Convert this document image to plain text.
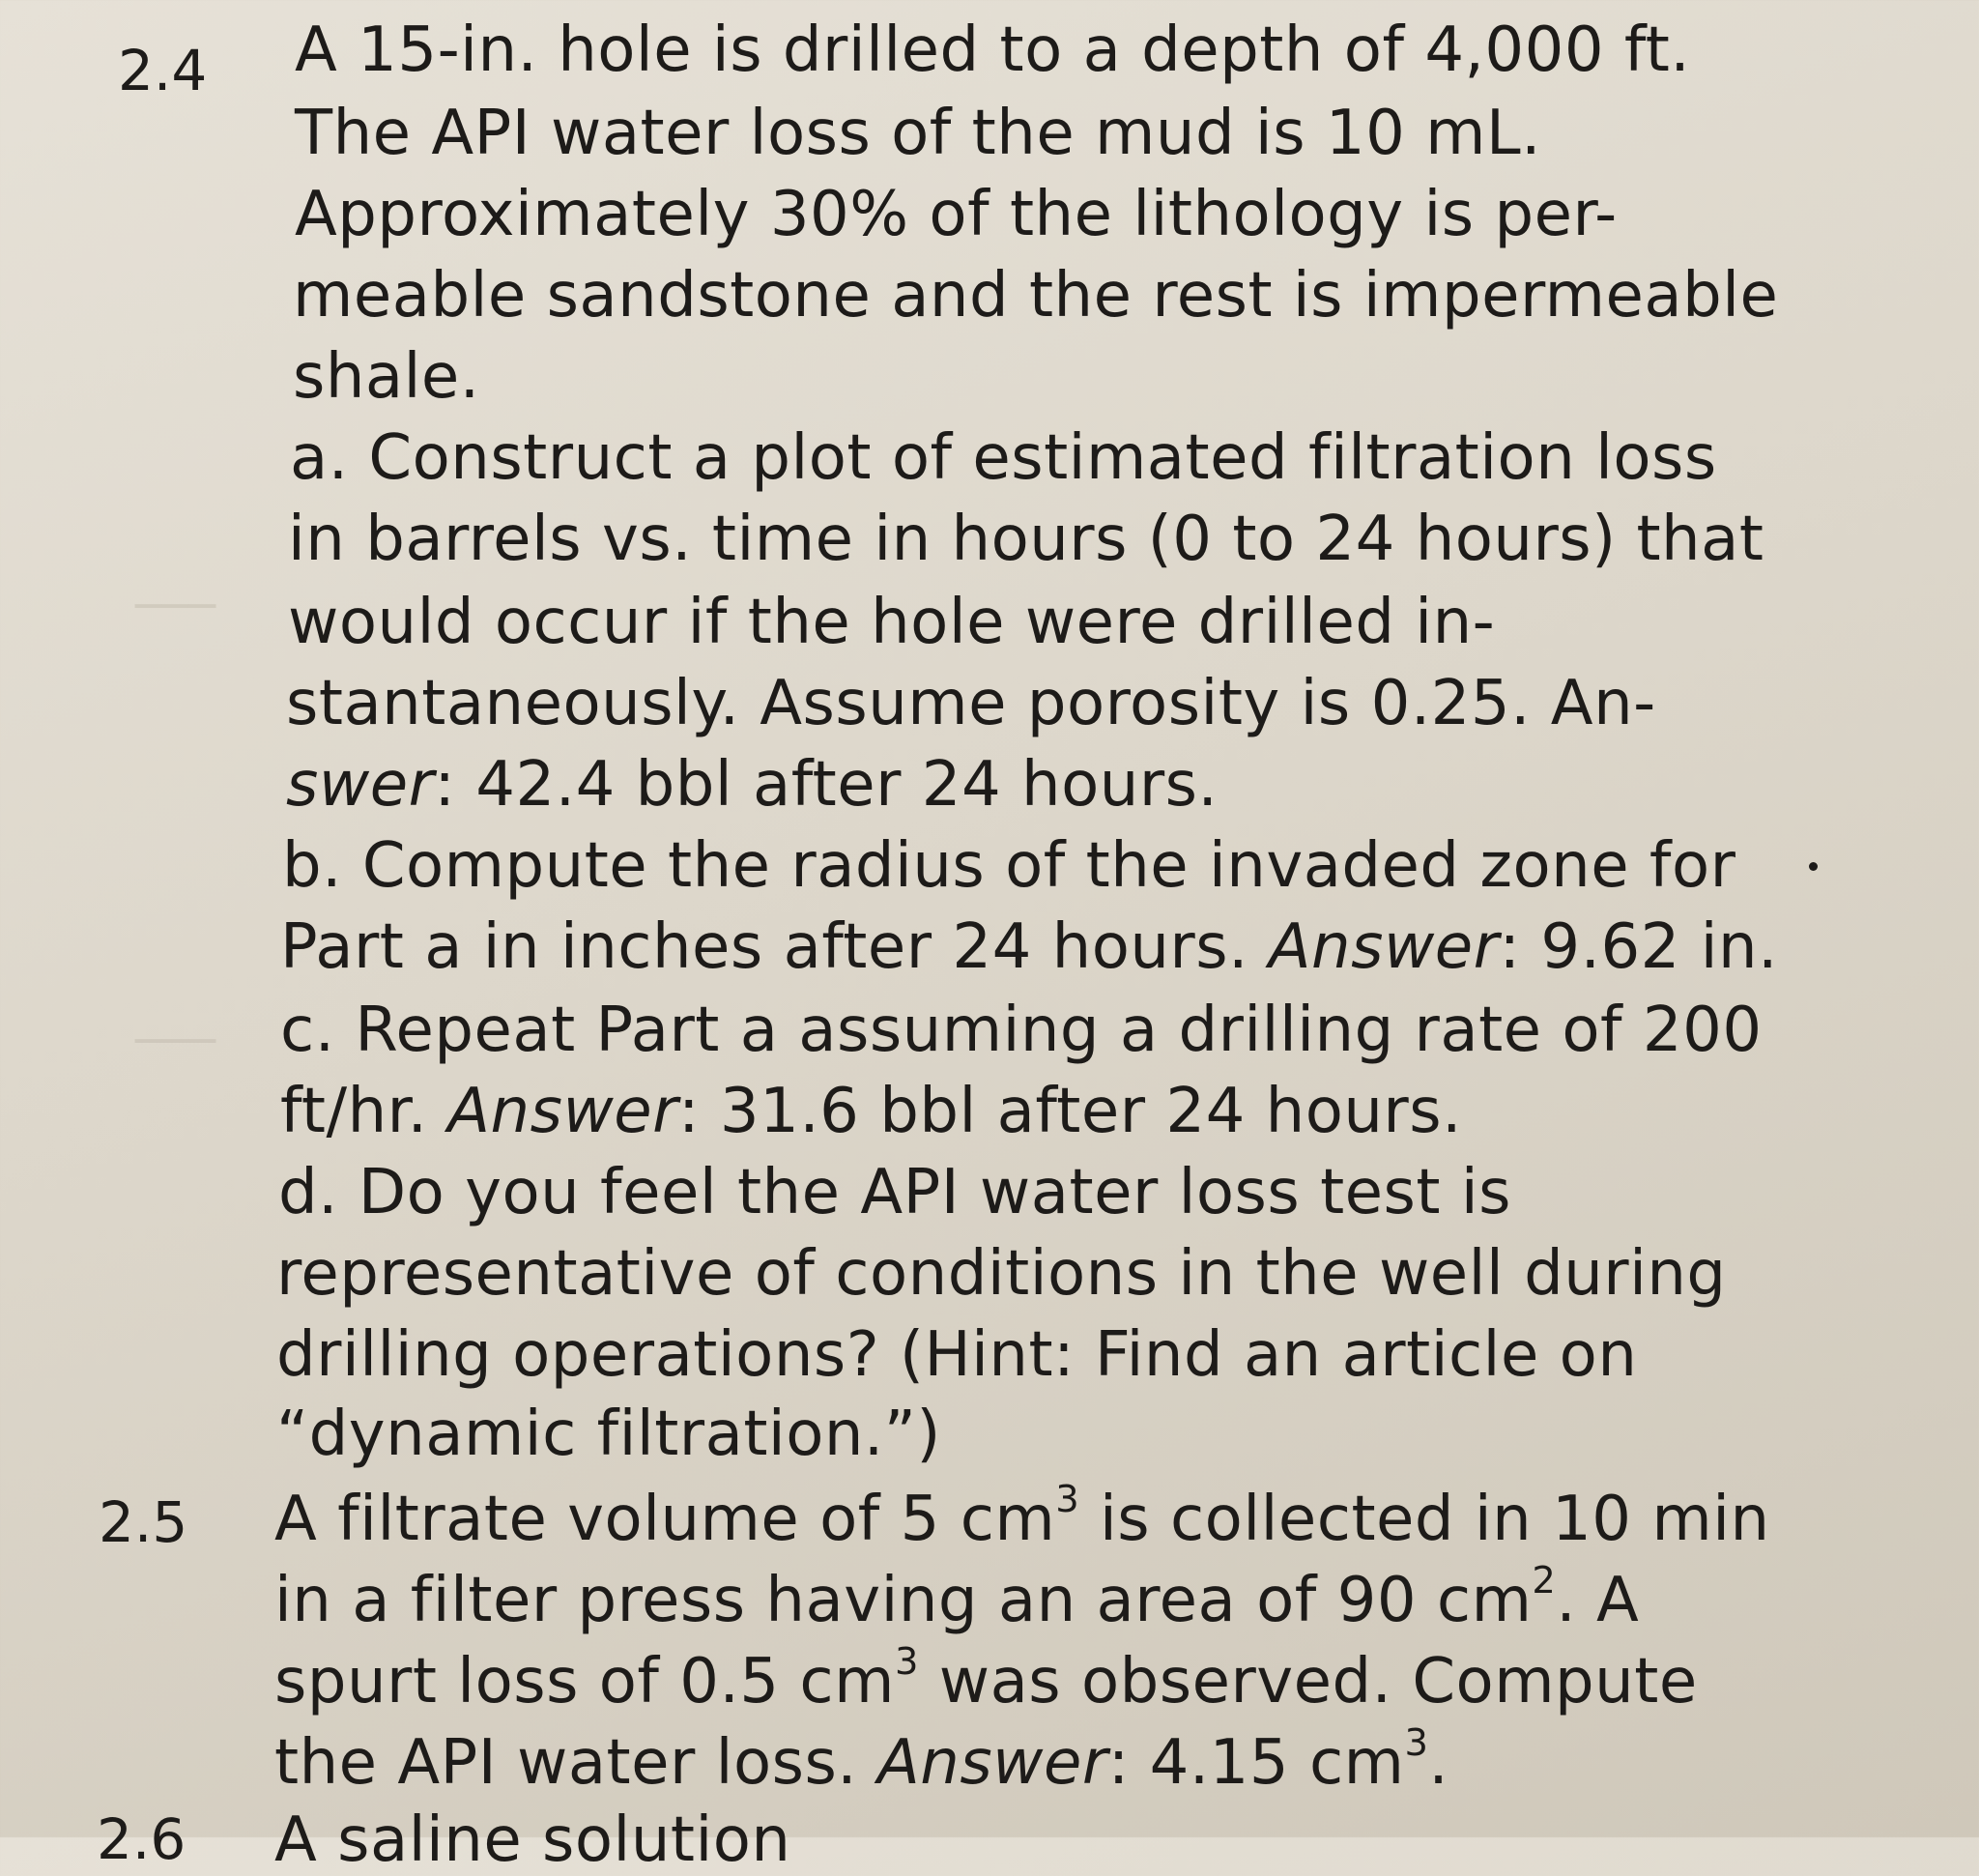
───
───
2.4 A 15-in. hole is drilled to a depth of 4,000 ft.
The API water loss of the mud is 10 mL.
Approximately 30% of the lithology is per-
meable sandstone and the rest is impermeable
shale.
a. Construct a plot of estimated filtration loss
in barrels vs. time in hours (0 to 24 hours) that
would occur if the hole were drilled in-
stantaneously. Assume porosity is 0.25. An-
swer: 42.4 bbl after 24 hours.
b. Compute the radius of the invaded zone for
Part a in inches after 24 hours. Answer: 9.62 in.
c. Repeat Part a assuming a drilling rate of 200
ft/hr. Answer: 31.6 bbl after 24 hours.
d. Do you feel the API water loss test is
representative of conditions in the well during
drilling operations? (Hint: Find an article on
“dynamic filtration.”)
2.5 A filtrate volume of 5 $cm^3$ is collected in 10 min
in a filter press having an area of 90 $cm^2$. A
spurt loss of 0.5 $cm^3$ was observed. Compute
the API water loss. Answer: 4.15 $cm^3$.
2.6 A saline solution
